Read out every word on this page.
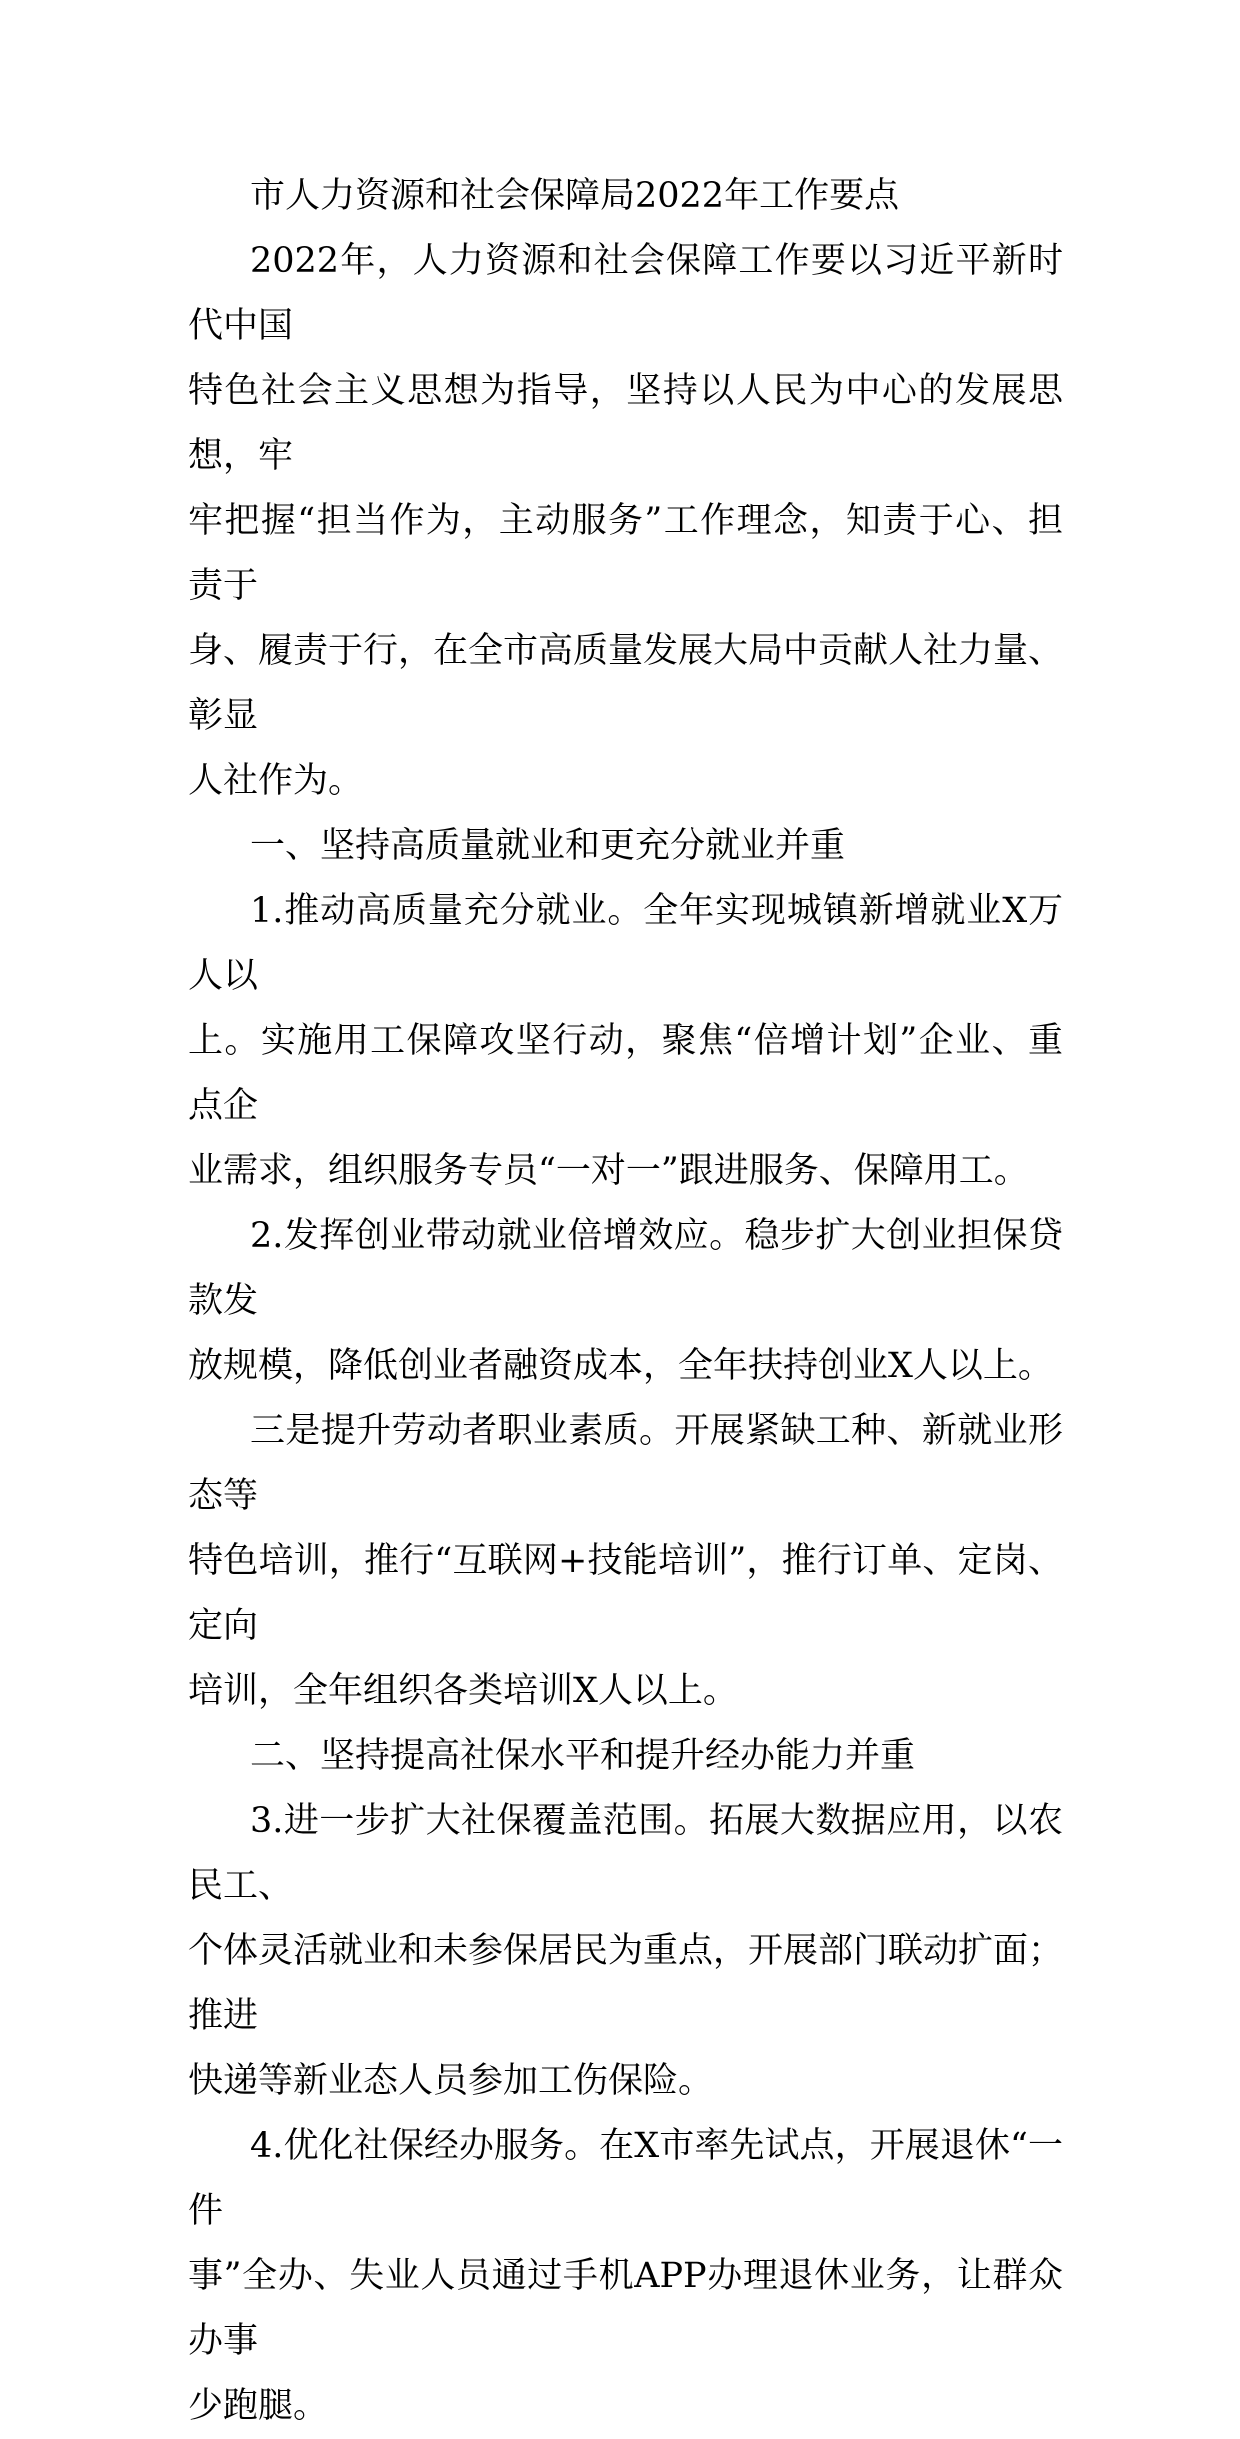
市人力资源和社会保障局2022年工作要点

2022年，人力资源和社会保障工作要以习近平新时代中国
特色社会主义思想为指导，坚持以人民为中心的发展思想，牢
牢把握“担当作为，主动服务”工作理念，知责于心、担责于
身、履责于行，在全市高质量发展大局中贡献人社力量、彰显
人社作为。

一、坚持高质量就业和更充分就业并重

1.推动高质量充分就业。全年实现城镇新增就业X万人以
上。实施用工保障攻坚行动，聚焦“倍增计划”企业、重点企
业需求，组织服务专员“一对一”跟进服务、保障用工。

2.发挥创业带动就业倍增效应。稳步扩大创业担保贷款发
放规模，降低创业者融资成本，全年扶持创业X人以上。

三是提升劳动者职业素质。开展紧缺工种、新就业形态等
特色培训，推行“互联网+技能培训”，推行订单、定岗、定向
培训，全年组织各类培训X人以上。

二、坚持提高社保水平和提升经办能力并重

3.进一步扩大社保覆盖范围。拓展大数据应用，以农民工、
个体灵活就业和未参保居民为重点，开展部门联动扩面；推进
快递等新业态人员参加工伤保险。

4.优化社保经办服务。在X市率先试点，开展退休“一件
事”全办、失业人员通过手机APP办理退休业务，让群众办事
少跑腿。
